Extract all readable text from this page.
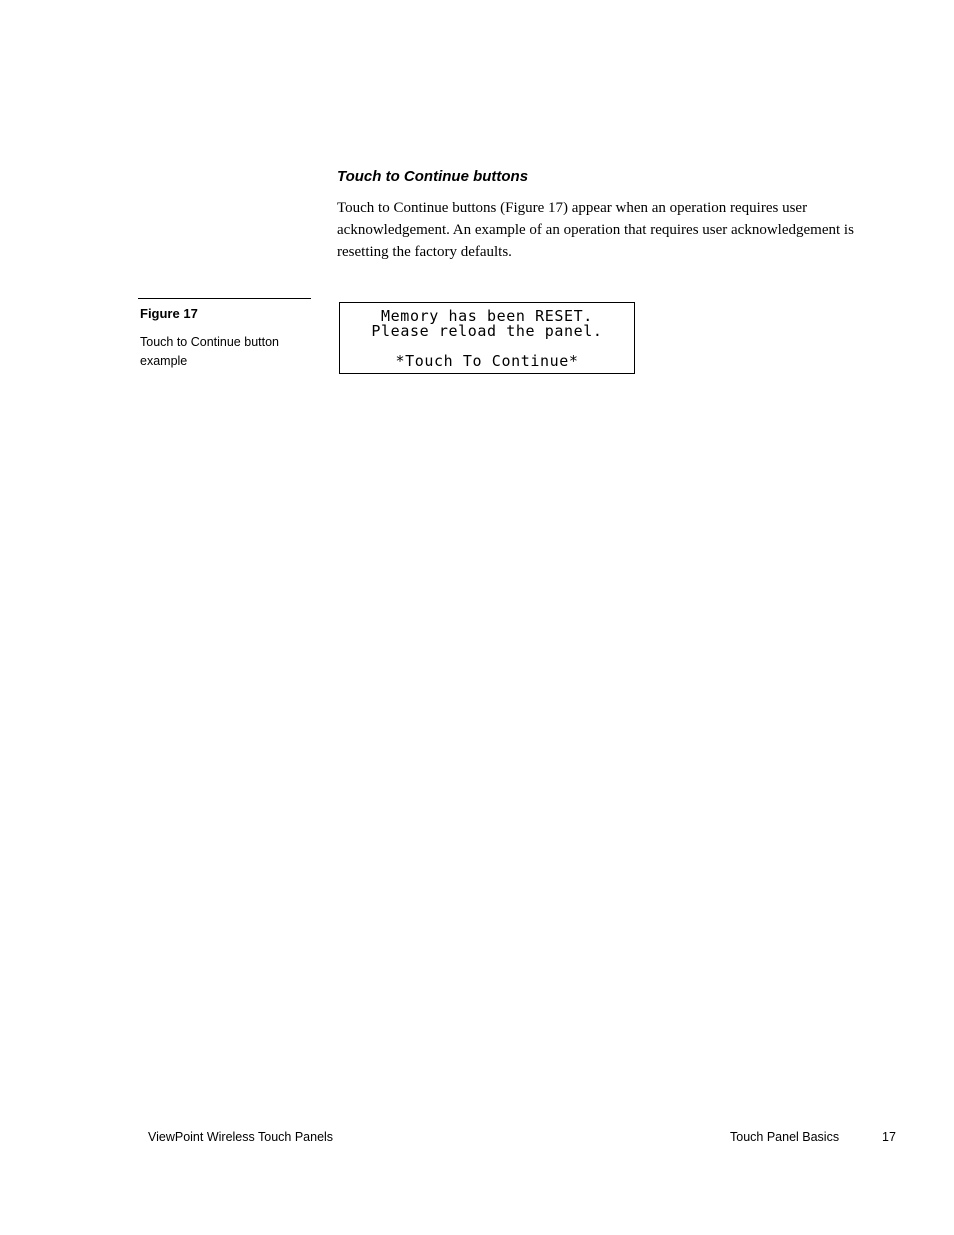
Touch to Continue buttons

Touch to Continue buttons (Figure 17) appear when an operation requires user acknowledgement. An example of an operation that requires user acknowledgement is resetting the factory defaults.

Figure 17
Touch to Continue button example
Memory has been RESET.
Please reload the panel.
*Touch To Continue*
ViewPoint Wireless Touch Panels	Touch Panel Basics	17
